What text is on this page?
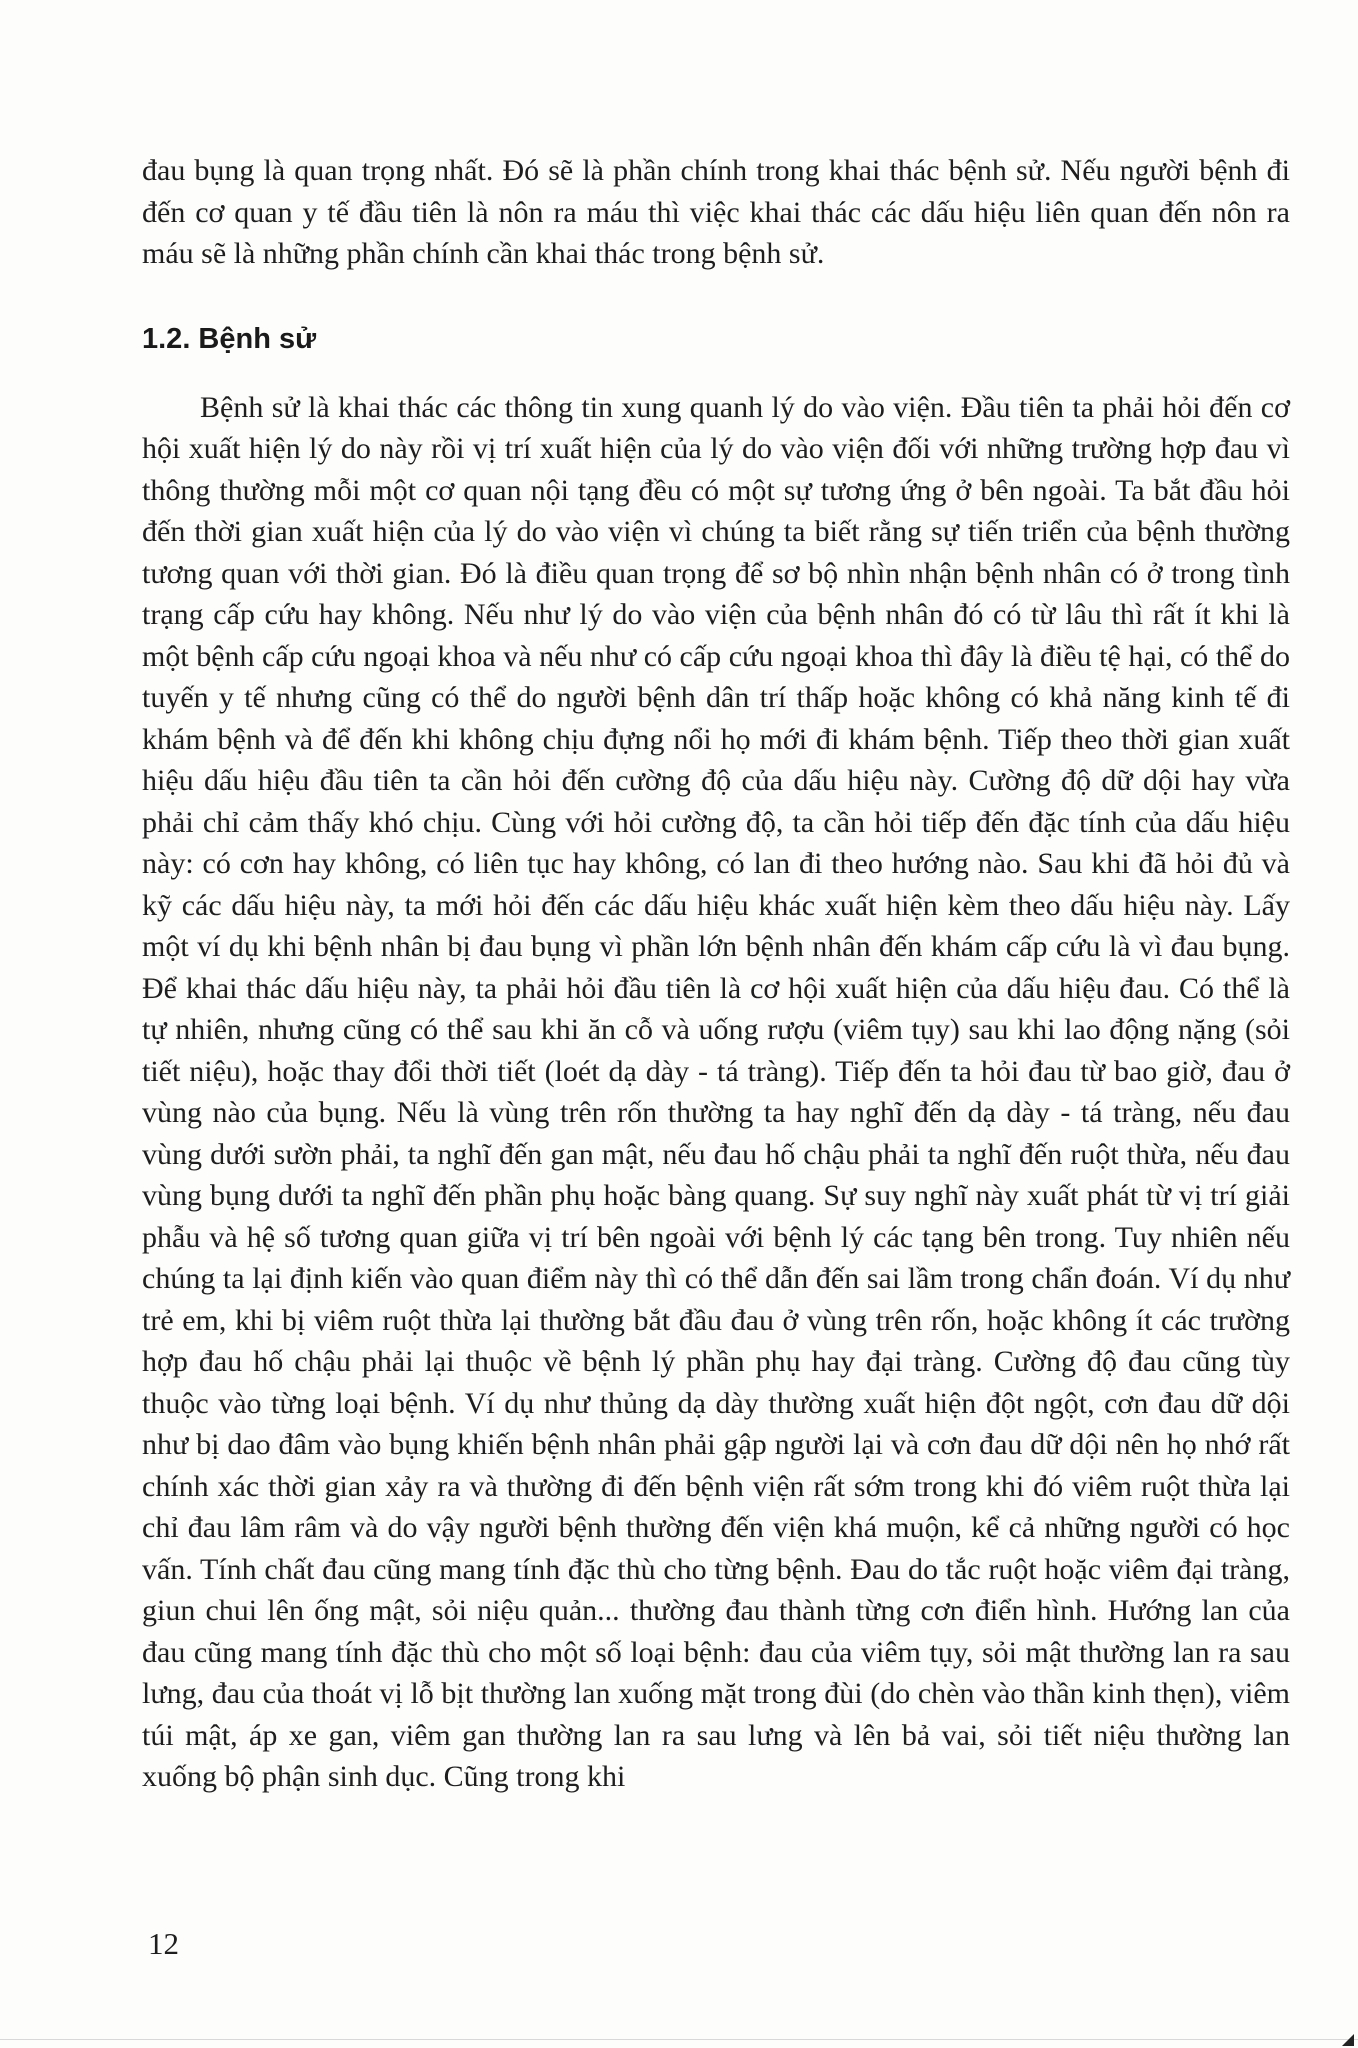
đau bụng là quan trọng nhất. Đó sẽ là phần chính trong khai thác bệnh sử. Nếu người bệnh đi đến cơ quan y tế đầu tiên là nôn ra máu thì việc khai thác các dấu hiệu liên quan đến nôn ra máu sẽ là những phần chính cần khai thác trong bệnh sử.

1.2. Bệnh sử

Bệnh sử là khai thác các thông tin xung quanh lý do vào viện. Đầu tiên ta phải hỏi đến cơ hội xuất hiện lý do này rồi vị trí xuất hiện của lý do vào viện đối với những trường hợp đau vì thông thường mỗi một cơ quan nội tạng đều có một sự tương ứng ở bên ngoài. Ta bắt đầu hỏi đến thời gian xuất hiện của lý do vào viện vì chúng ta biết rằng sự tiến triển của bệnh thường tương quan với thời gian. Đó là điều quan trọng để sơ bộ nhìn nhận bệnh nhân có ở trong tình trạng cấp cứu hay không. Nếu như lý do vào viện của bệnh nhân đó có từ lâu thì rất ít khi là một bệnh cấp cứu ngoại khoa và nếu như có cấp cứu ngoại khoa thì đây là điều tệ hại, có thể do tuyến y tế nhưng cũng có thể do người bệnh dân trí thấp hoặc không có khả năng kinh tế đi khám bệnh và để đến khi không chịu đựng nổi họ mới đi khám bệnh. Tiếp theo thời gian xuất hiệu dấu hiệu đầu tiên ta cần hỏi đến cường độ của dấu hiệu này. Cường độ dữ dội hay vừa phải chỉ cảm thấy khó chịu. Cùng với hỏi cường độ, ta cần hỏi tiếp đến đặc tính của dấu hiệu này: có cơn hay không, có liên tục hay không, có lan đi theo hướng nào. Sau khi đã hỏi đủ và kỹ các dấu hiệu này, ta mới hỏi đến các dấu hiệu khác xuất hiện kèm theo dấu hiệu này. Lấy một ví dụ khi bệnh nhân bị đau bụng vì phần lớn bệnh nhân đến khám cấp cứu là vì đau bụng. Để khai thác dấu hiệu này, ta phải hỏi đầu tiên là cơ hội xuất hiện của dấu hiệu đau. Có thể là tự nhiên, nhưng cũng có thể sau khi ăn cỗ và uống rượu (viêm tụy) sau khi lao động nặng (sỏi tiết niệu), hoặc thay đổi thời tiết (loét dạ dày - tá tràng). Tiếp đến ta hỏi đau từ bao giờ, đau ở vùng nào của bụng. Nếu là vùng trên rốn thường ta hay nghĩ đến dạ dày - tá tràng, nếu đau vùng dưới sườn phải, ta nghĩ đến gan mật, nếu đau hố chậu phải ta nghĩ đến ruột thừa, nếu đau vùng bụng dưới ta nghĩ đến phần phụ hoặc bàng quang. Sự suy nghĩ này xuất phát từ vị trí giải phẫu và hệ số tương quan giữa vị trí bên ngoài với bệnh lý các tạng bên trong. Tuy nhiên nếu chúng ta lại định kiến vào quan điểm này thì có thể dẫn đến sai lầm trong chẩn đoán. Ví dụ như trẻ em, khi bị viêm ruột thừa lại thường bắt đầu đau ở vùng trên rốn, hoặc không ít các trường hợp đau hố chậu phải lại thuộc về bệnh lý phần phụ hay đại tràng. Cường độ đau cũng tùy thuộc vào từng loại bệnh. Ví dụ như thủng dạ dày thường xuất hiện đột ngột, cơn đau dữ dội như bị dao đâm vào bụng khiến bệnh nhân phải gập người lại và cơn đau dữ dội nên họ nhớ rất chính xác thời gian xảy ra và thường đi đến bệnh viện rất sớm trong khi đó viêm ruột thừa lại chỉ đau lâm râm và do vậy người bệnh thường đến viện khá muộn, kể cả những người có học vấn. Tính chất đau cũng mang tính đặc thù cho từng bệnh. Đau do tắc ruột hoặc viêm đại tràng, giun chui lên ống mật, sỏi niệu quản... thường đau thành từng cơn điển hình. Hướng lan của đau cũng mang tính đặc thù cho một số loại bệnh: đau của viêm tụy, sỏi mật thường lan ra sau lưng, đau của thoát vị lỗ bịt thường lan xuống mặt trong đùi (do chèn vào thần kinh thẹn), viêm túi mật, áp xe gan, viêm gan thường lan ra sau lưng và lên bả vai, sỏi tiết niệu thường lan xuống bộ phận sinh dục. Cũng trong khi

12
